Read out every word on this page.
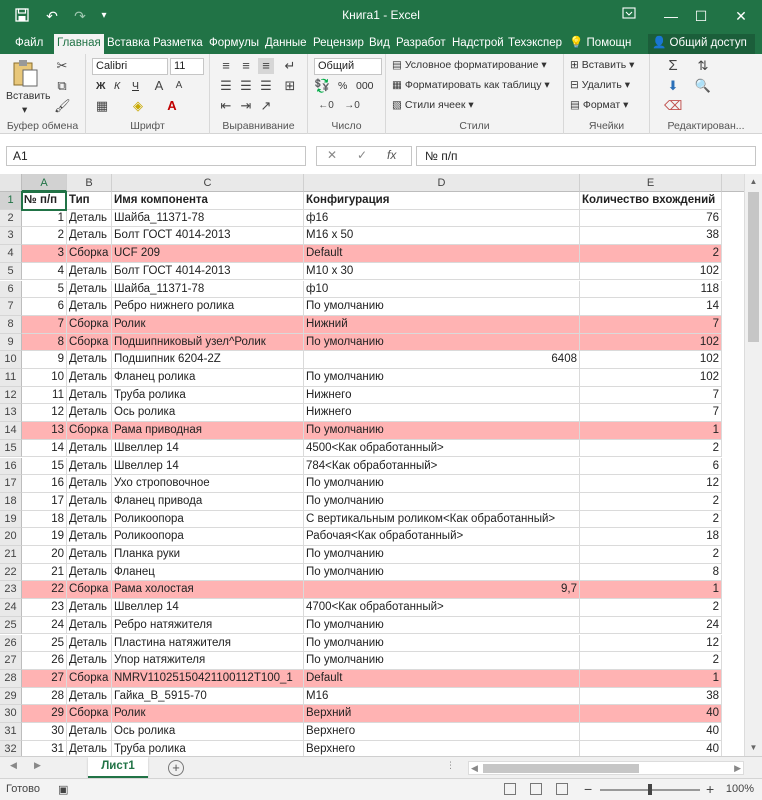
↶ ↷	▾	Книга1 - Excel	—	☐	✕
Файл Главная Вставка Разметка Формулы Данные Рецензир Вид Разработ Надстрой Техэкспер 💡 Помощн	👤 Общий доступ
Вставить
▾
✂
⧉
🖌
Буфер обмена
Calibri	11
Ж К Ч A	A
▦ ◈ A
Шрифт
≡ ≡ ≡	↵
☰ ☰ ☰ ⊞
⇤ ⇥ ↗
Выравнивание
Общий
💱 % 000
←0 →0
Число
▤ Условное форматирование ▾
▦ Форматировать как таблицу ▾
▧ Стили ячеек ▾
Стили
⊞ Вставить ▾
⊟ Удалить ▾
▤ Формат ▾
Ячейки
Σ	⇅
⬇ 🔍
⌫
Редактирован...
A1	✕ ✓ fx	№ п/п
A	B	C	D	E
1 № п/п	Тип	Имя компонента	Конфигурация	Количество вхождений
2	1 Деталь Шайба_11371-78	ф16	76
3	2 Деталь Болт ГОСТ 4014-2013	M16 x 50	38
4	3 Сборка UCF 209	Default	2
5	4 Деталь Болт ГОСТ 4014-2013	M10 x 30	102
6	5 Деталь Шайба_11371-78	ф10	118
7	6 Деталь Ребро нижнего ролика	По умолчанию	14
8	7 Сборка Ролик	Нижний	7
9	8 Сборка Подшипниковый узел^Ролик	По умолчанию	102
10	9 Деталь Подшипник 6204-2Z	6408	102
11	10 Деталь Фланец ролика	По умолчанию	102
12	11 Деталь Труба ролика	Нижнего	7
13	12 Деталь Ось ролика	Нижнего	7
14	13 Сборка Рама приводная	По умолчанию	1
15	14 Деталь Швеллер 14	4500<Как обработанный>	2
16	15 Деталь Швеллер 14	784<Как обработанный>	6
17	16 Деталь Ухо строповочное	По умолчанию	12
18	17 Деталь Фланец привода	По умолчанию	2
19	18 Деталь Роликоопора	С вертикальным роликом<Как обработанный>	2
20	19 Деталь Роликоопора	Рабочая<Как обработанный>	18
21	20 Деталь Планка руки	По умолчанию	2
22	21 Деталь Фланец	По умолчанию	8
23	22 Сборка Рама холостая	9,7	1
24	23 Деталь Швеллер 14	4700<Как обработанный>	2
25	24 Деталь Ребро натяжителя	По умолчанию	24
26	25 Деталь Пластина натяжителя	По умолчанию	12
27	26 Деталь Упор натяжителя	По умолчанию	2
28	27 Сборка NMRV110251504211001​12T100_1	Default	1
29	28 Деталь Гайка_В_5915-70	M16	38
30	29 Сборка Ролик	Верхний	40
31	30 Деталь Ось ролика	Верхнего	40
32	31 Деталь Труба ролика	Верхнего	40
▲
▼
◀ ▶	Лист1	+	⋮ ◀	▶
Готово ▣	−	+ 100%
